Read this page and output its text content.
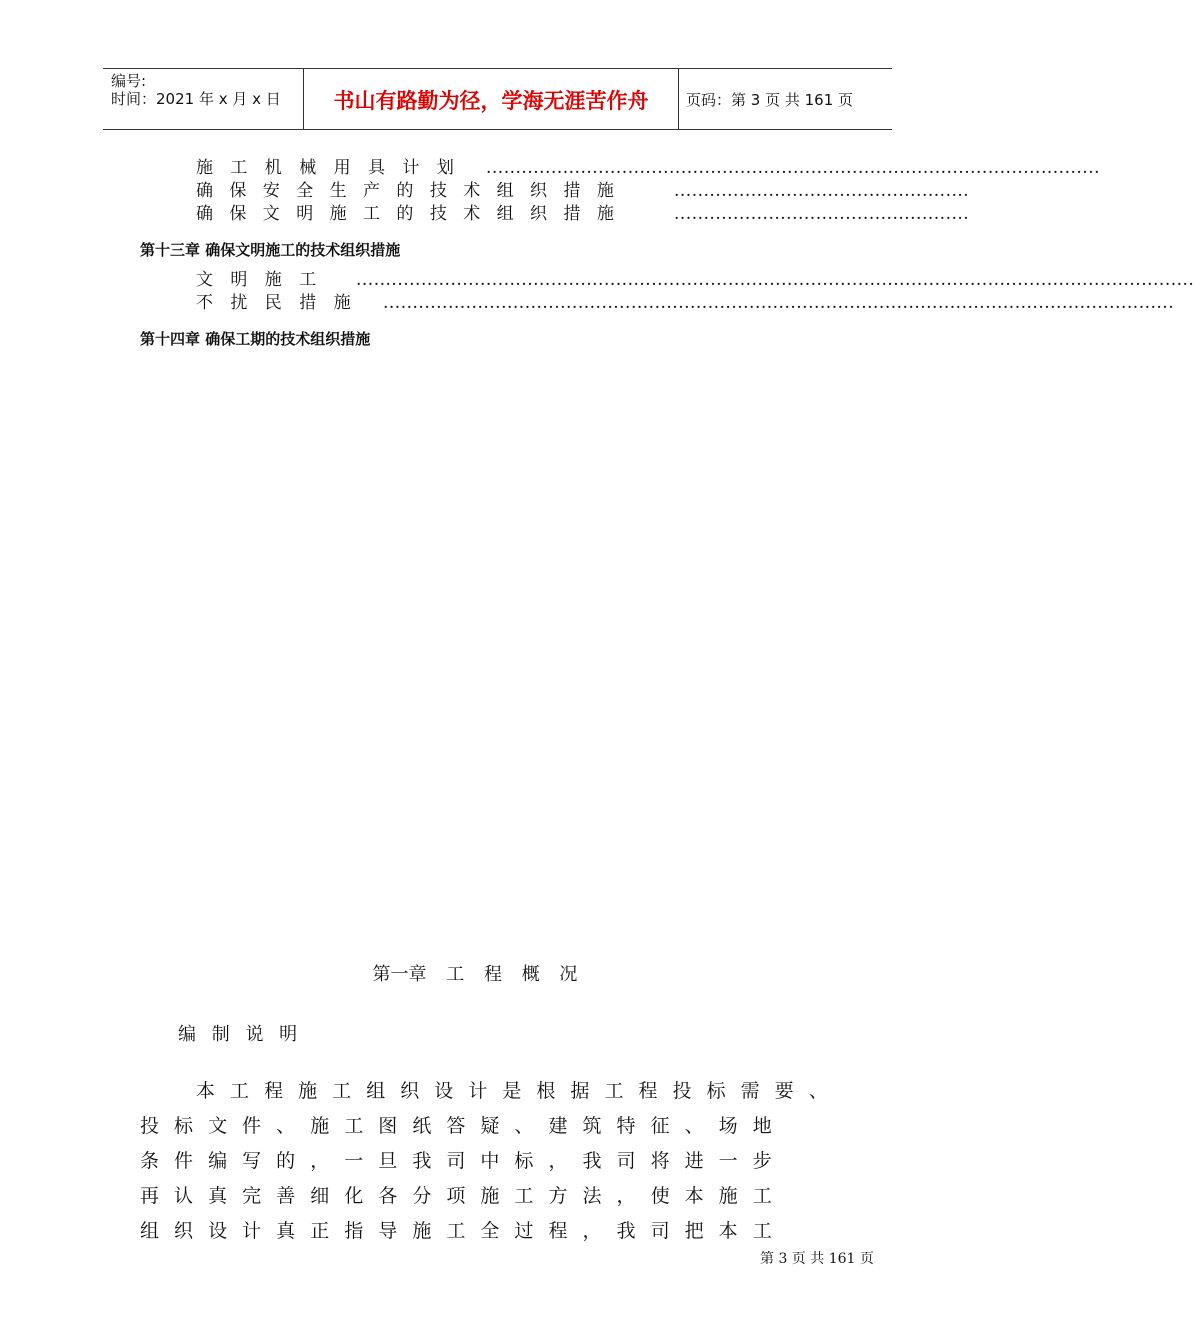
编号:
时间：2021 年 x 月 x 日	书山有路勤为径，学海无涯苦作舟	页码：第 3 页 共 161 页
施 工 机 械 用 具 计 划 ........................................................................................................
确 保 安 全 生 产 的 技 术 组 织 措 施	..................................................
确 保 文 明 施 工 的 技 术 组 织 措 施	..................................................
第十三章 确保文明施工的技术组织措施
文 明 施 工 ..............................................................................................................................................
不 扰 民 措 施 ......................................................................................................................................
第十四章 确保工期的技术组织措施
第一章 工 程 概 况
编 制 说 明
本 工 程 施 工 组 织 设 计 是 根 据 工 程 投 标 需 要 、
投 标 文 件 、 施 工 图 纸 答 疑 、 建 筑 特 征 、 场 地
条 件 编 写 的 ， 一 旦 我 司 中 标 ， 我 司 将 进 一 步
再 认 真 完 善 细 化 各 分 项 施 工 方 法 ， 使 本 施 工
组 织 设 计 真 正 指 导 施 工 全 过 程 ， 我 司 把 本 工
第 3 页 共 161 页
